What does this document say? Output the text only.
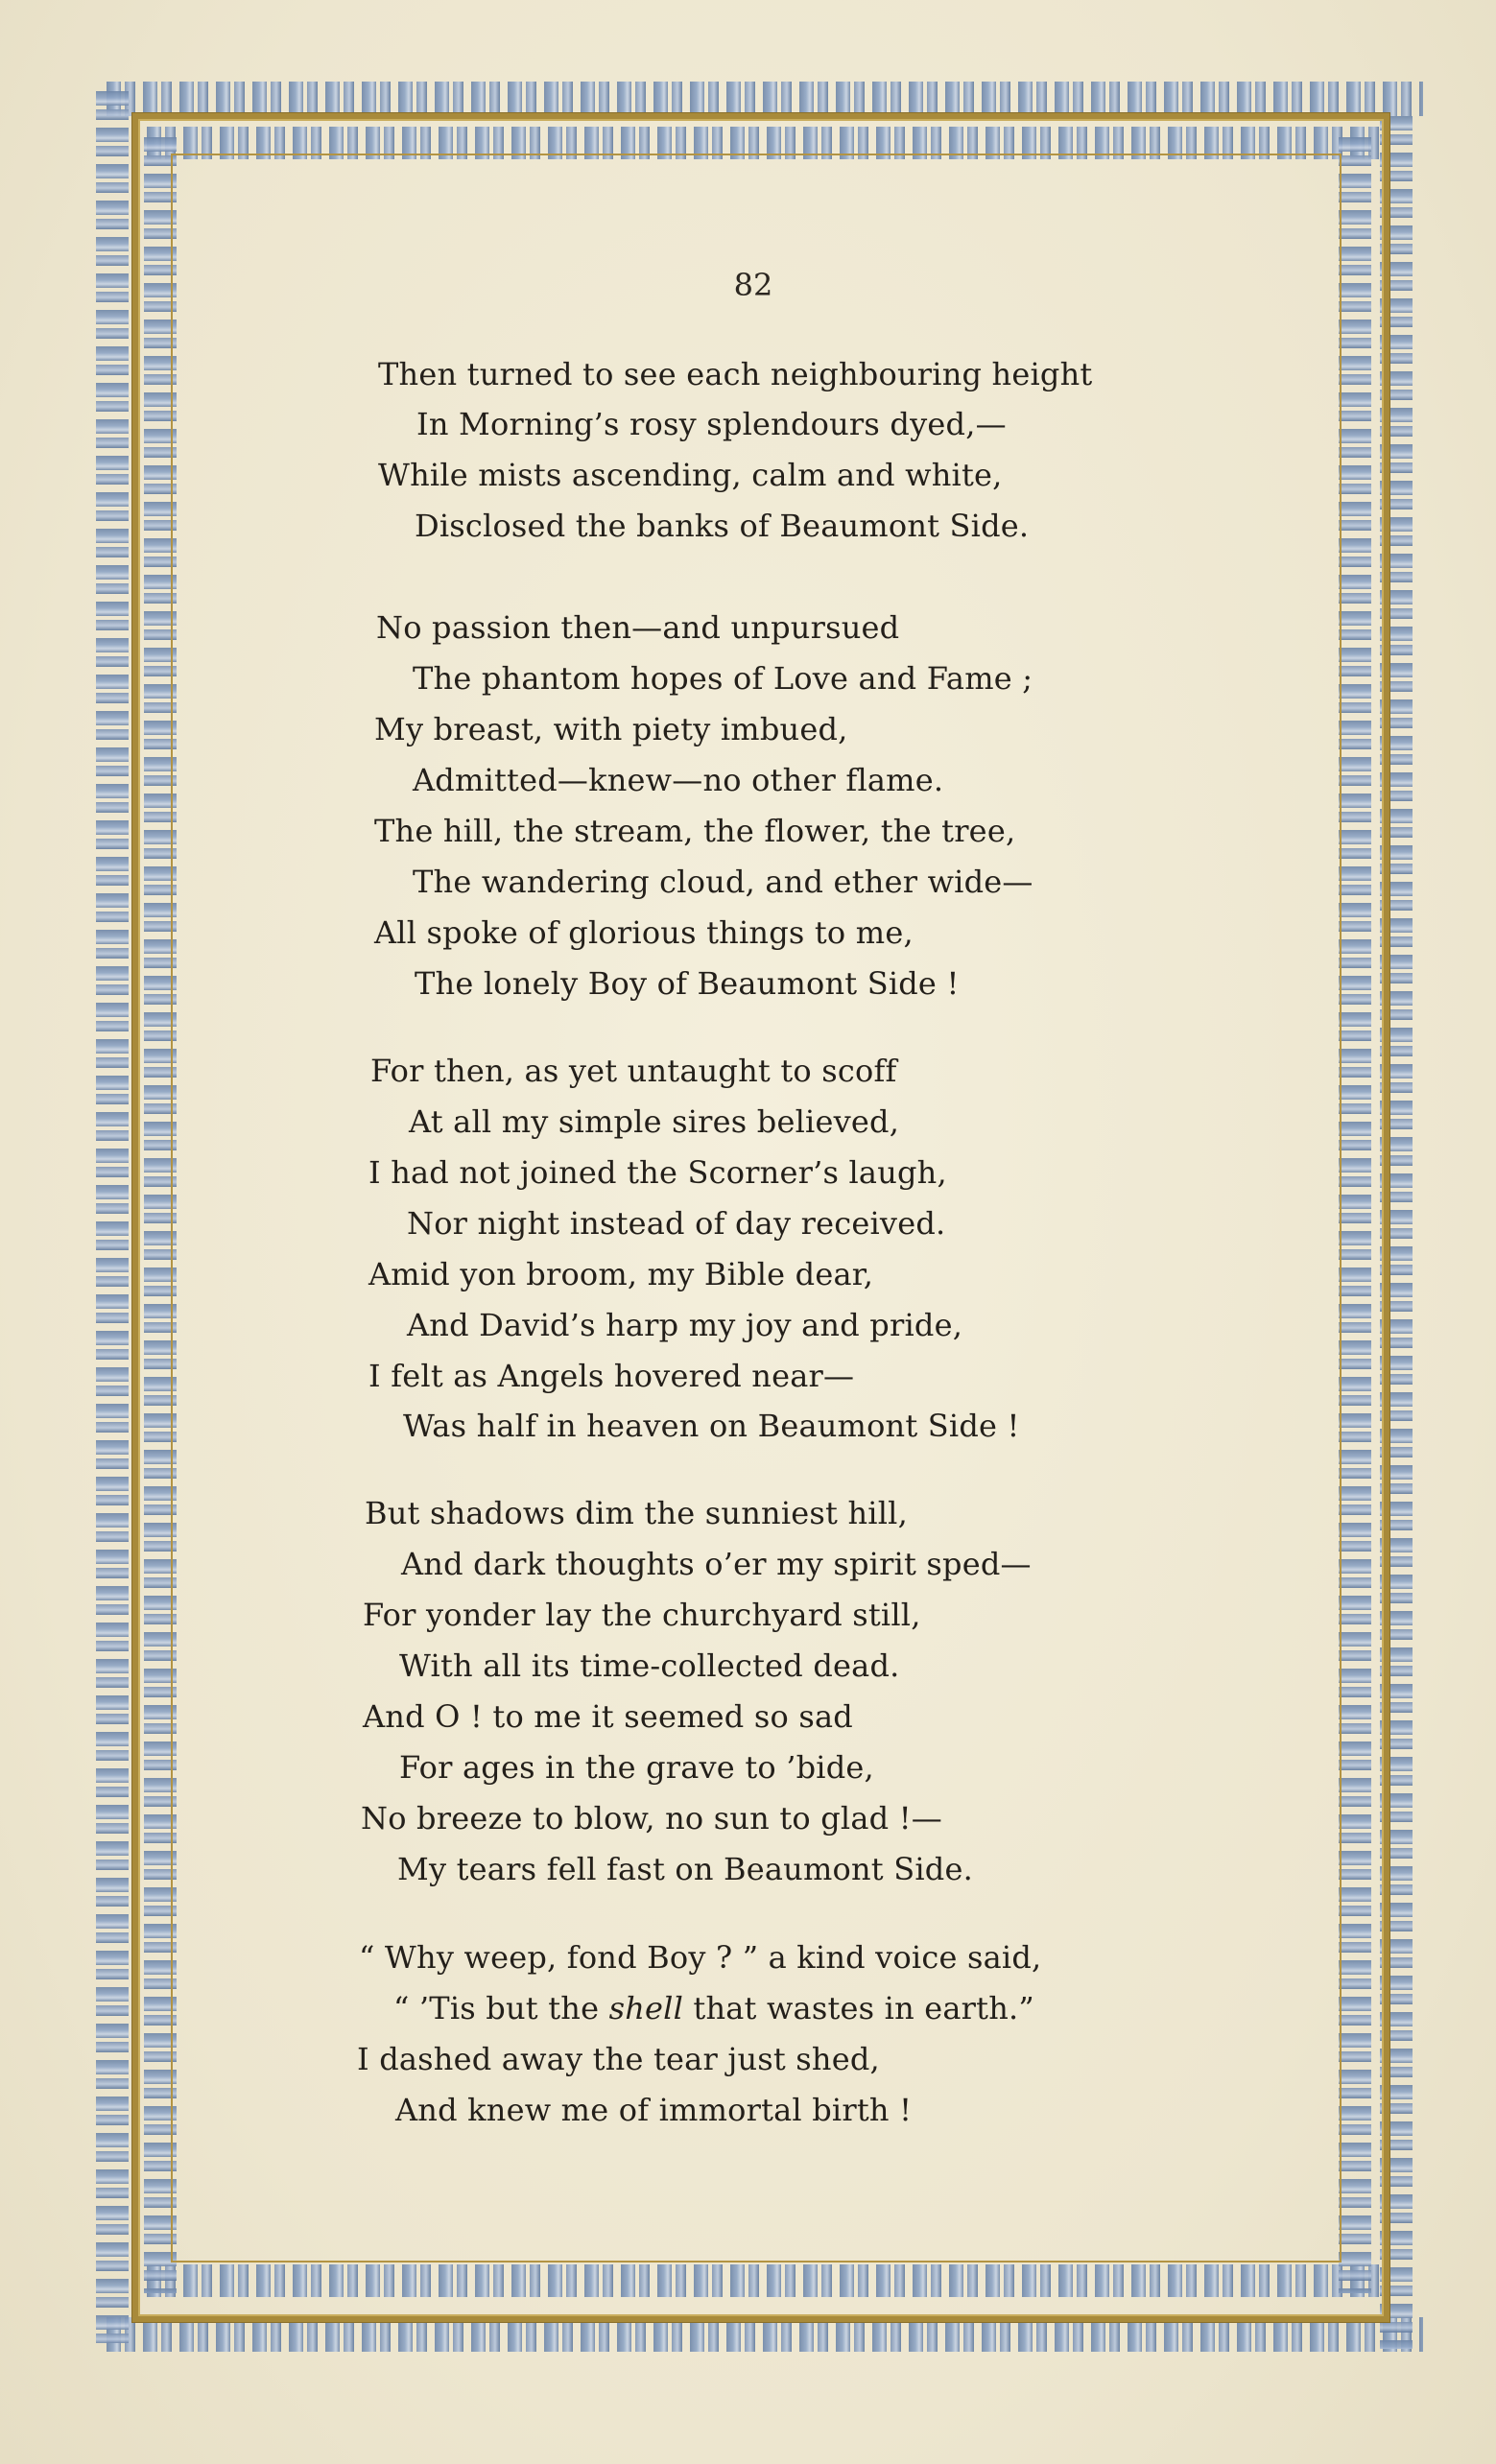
82
Then turned to see each neighbouring height
In Morning’s rosy splendours dyed,—
While mists ascending, calm and white,
Disclosed the banks of Beaumont Side.
No passion then—and unpursued
The phantom hopes of Love and Fame ;
My breast, with piety imbued,
Admitted—knew—no other flame.
The hill, the stream, the flower, the tree,
The wandering cloud, and ether wide—
All spoke of glorious things to me,
The lonely Boy of Beaumont Side !
For then, as yet untaught to scoff
At all my simple sires believed,
I had not joined the Scorner’s laugh,
Nor night instead of day received.
Amid yon broom, my Bible dear,
And David’s harp my joy and pride,
I felt as Angels hovered near—
Was half in heaven on Beaumont Side !
But shadows dim the sunniest hill,
And dark thoughts o’er my spirit sped—
For yonder lay the churchyard still,
With all its time-collected dead.
And O ! to me it seemed so sad
For ages in the grave to ’bide,
No breeze to blow, no sun to glad !—
My tears fell fast on Beaumont Side.
“ Why weep, fond Boy ? ” a kind voice said,
“ ’Tis but the shell that wastes in earth.”
I dashed away the tear just shed,
And knew me of immortal birth !
